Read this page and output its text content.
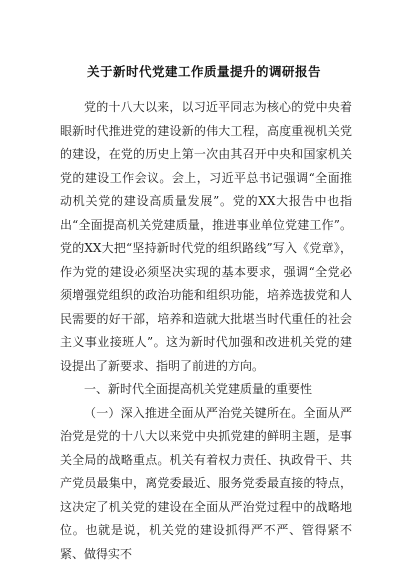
关于新时代党建工作质量提升的调研报告

党的十八大以来，以习近平同志为核心的党中央着眼新时代推进党的建设新的伟大工程，高度重视机关党的建设，在党的历史上第一次由其召开中央和国家机关党的建设工作会议。会上，习近平总书记强调“全面推动机关党的建设高质量发展”。党的XX大报告中也指出“全面提高机关党建质量，推进事业单位党建工作”。党的XX大把“坚持新时代党的组织路线”写入《党章》，作为党的建设必须坚决实现的基本要求，强调“全党必须增强党组织的政治功能和组织功能，培养选拔党和人民需要的好干部，培养和造就大批堪当时代重任的社会主义事业接班人”。这为新时代加强和改进机关党的建设提出了新要求、指明了前进的方向。

一、新时代全面提高机关党建质量的重要性

（一）深入推进全面从严治党关键所在。全面从严治党是党的十八大以来党中央抓党建的鲜明主题，是事关全局的战略重点。机关有着权力责任、执政骨干、共产党员最集中，离党委最近、服务党委最直接的特点，这决定了机关党的建设在全面从严治党过程中的战略地位。也就是说，机关党的建设抓得严不严、管得紧不紧、做得实不
